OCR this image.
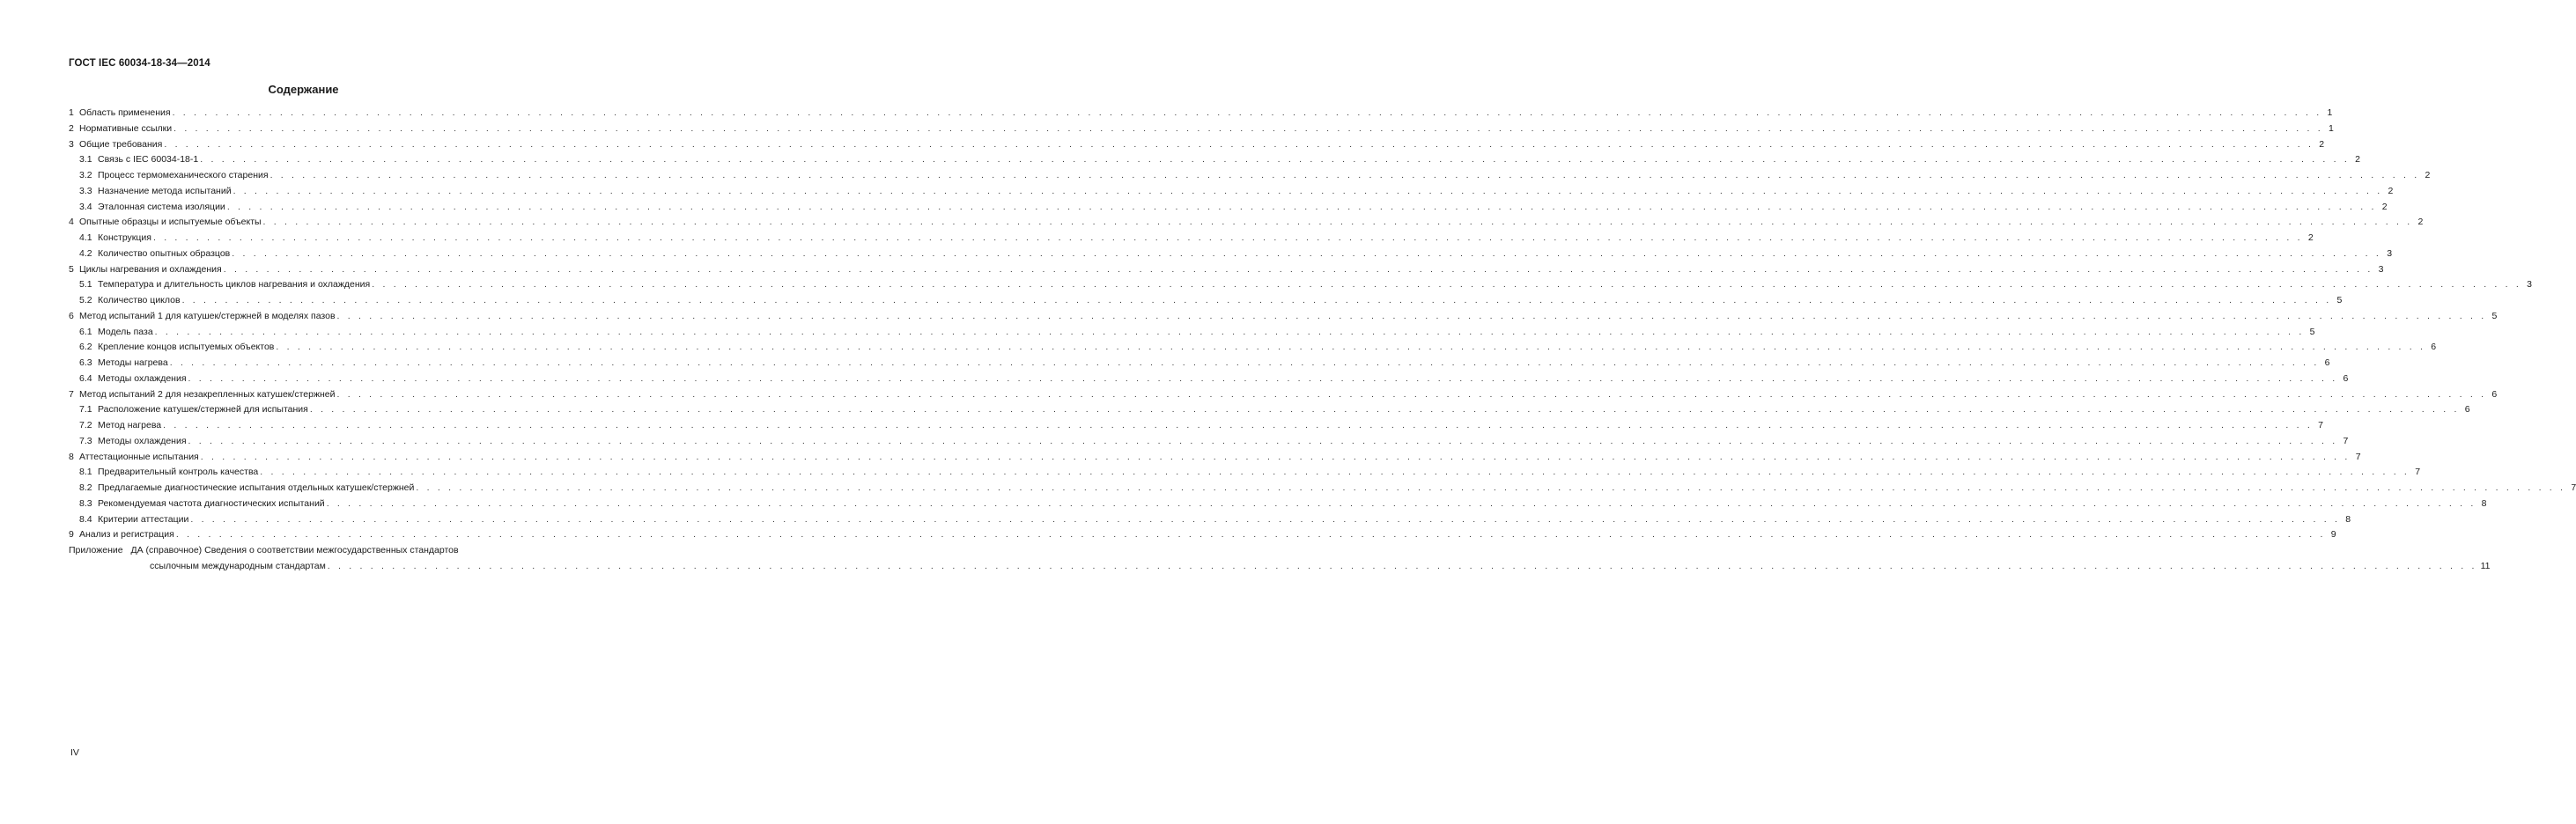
ГОСТ IEC 60034-18-34—2014
Содержание
1 Область применения . . . . . . . . . . . . . . . . . . . . . . . . . . . . . . . . . . . . . . . . . . . . . . . . . . . . . . . . . . . . . . . . . . . . . . . . . . . . . . . . . . . . . . . . . . . . . . . . . . . . . . . . . . . . . . . . . . . . . . . . . . . . . . . . . . . . . . . . . . . . . . . . . . . . . . . . . . . . . . . . . . . . . . . . . . . . . . . . . . . . . . . . . . . . . . . . . . . . . . . . 1
2 Нормативные ссылки . . . . . . . . . . . . . . . . . . . . . . . . . . . . . . . . . . . . . . . . . . . . . . . . . . . . . . . . . . . . . . . . . . . . . . . . . . . . . . . . . . . . . . . . . . . . . . . . . . . . . . . . . . . . . . . . . . . . . . . . . . . . . . . . . . . . . . . . . . . . . . . . . . . . . . . . . . . . . . . . . . . . . . . . . . . . . . . . . . . . . . . . . . . . . . . . . . . . . . . . 1
3 Общие требования . . . . . . . . . . . . . . . . . . . . . . . . . . . . . . . . . . . . . . . . . . . . . . . . . . . . . . . . . . . . . . . . . . . . . . . . . . . . . . . . . . . . . . . . . . . . . . . . . . . . . . . . . . . . . . . . . . . . . . . . . . . . . . . . . . . . . . . . . . . . . . . . . . . . . . . . . . . . . . . . . . . . . . . . . . . . . . . . . . . . . . . . . . . . . . . . . . . . . . . . 2
3.1 Связь с IEC 60034-18-1 . . . . . . . . . . . . . . . . . . . . . . . . . . . . . . . . . . . . . . . . . . . . . . . . . . . . . . . . . . . . . . . . . . . . . . . . . . . . . . . . . . . . . . . . . . . . . . . . . . . . . . . . . . . . . . . . . . . . . . . . . . . . . . . . . . . . . . . . . . . . . . . . . . . . . . . . . . . . . . . . . . . . . . . . . . . . . . . . . . . . . . . . . . . . . . . . . . . . . . . . 2
3.2 Процесс термомеханического старения . . . . . . . . . . . . . . . . . . . . . . . . . . . . . . . . . . . . . . . . . . . . . . . . . . . . . . . . . . . . . . . . . . . . . . . . . . . . . . . . . . . . . . . . . . . . . . . . . . . . . . . . . . . . . . . . . . . . . . . . . . . . . . . . . . . . . . . . . . . . . . . . . . . . . . . . . . . . . . . . . . . . . . . . . . . . . . . . . . . . . . . . . . . . . . . . . . . . . . . . 2
3.3 Назначение метода испытаний . . . . . . . . . . . . . . . . . . . . . . . . . . . . . . . . . . . . . . . . . . . . . . . . . . . . . . . . . . . . . . . . . . . . . . . . . . . . . . . . . . . . . . . . . . . . . . . . . . . . . . . . . . . . . . . . . . . . . . . . . . . . . . . . . . . . . . . . . . . . . . . . . . . . . . . . . . . . . . . . . . . . . . . . . . . . . . . . . . . . . . . . . . . . . . . . . . . . . . . . 2
3.4 Эталонная система изоляции . . . . . . . . . . . . . . . . . . . . . . . . . . . . . . . . . . . . . . . . . . . . . . . . . . . . . . . . . . . . . . . . . . . . . . . . . . . . . . . . . . . . . . . . . . . . . . . . . . . . . . . . . . . . . . . . . . . . . . . . . . . . . . . . . . . . . . . . . . . . . . . . . . . . . . . . . . . . . . . . . . . . . . . . . . . . . . . . . . . . . . . . . . . . . . . . . . . . . . . . 2
4 Опытные образцы и испытуемые объекты . . . . . . . . . . . . . . . . . . . . . . . . . . . . . . . . . . . . . . . . . . . . . . . . . . . . . . . . . . . . . . . . . . . . . . . . . . . . . . . . . . . . . . . . . . . . . . . . . . . . . . . . . . . . . . . . . . . . . . . . . . . . . . . . . . . . . . . . . . . . . . . . . . . . . . . . . . . . . . . . . . . . . . . . . . . . . . . . . . . . . . . . . . . . . . . . . . . . . . . . 2
4.1 Конструкция . . . . . . . . . . . . . . . . . . . . . . . . . . . . . . . . . . . . . . . . . . . . . . . . . . . . . . . . . . . . . . . . . . . . . . . . . . . . . . . . . . . . . . . . . . . . . . . . . . . . . . . . . . . . . . . . . . . . . . . . . . . . . . . . . . . . . . . . . . . . . . . . . . . . . . . . . . . . . . . . . . . . . . . . . . . . . . . . . . . . . . . . . . . . . . . . . . . . . . . . 2
4.2 Количество опытных образцов . . . . . . . . . . . . . . . . . . . . . . . . . . . . . . . . . . . . . . . . . . . . . . . . . . . . . . . . . . . . . . . . . . . . . . . . . . . . . . . . . . . . . . . . . . . . . . . . . . . . . . . . . . . . . . . . . . . . . . . . . . . . . . . . . . . . . . . . . . . . . . . . . . . . . . . . . . . . . . . . . . . . . . . . . . . . . . . . . . . . . . . . . . . . . . . . . . . . . . . . 3
5 Циклы нагревания и охлаждения . . . . . . . . . . . . . . . . . . . . . . . . . . . . . . . . . . . . . . . . . . . . . . . . . . . . . . . . . . . . . . . . . . . . . . . . . . . . . . . . . . . . . . . . . . . . . . . . . . . . . . . . . . . . . . . . . . . . . . . . . . . . . . . . . . . . . . . . . . . . . . . . . . . . . . . . . . . . . . . . . . . . . . . . . . . . . . . . . . . . . . . . . . . . . . . . . . . . . . . . 3
5.1 Температура и длительность циклов нагревания и охлаждения . . . . . . . . . . . . . . . . . . . . . . . . . . . . . . . . . . . . . . . . . . . . . . . . . . . . . . . . . . . . . . . . . . . . . . . . . . . . . . . . . . . . . . . . . . . . . . . . . . . . . . . . . . . . . . . . . . . . . . . . . . . . . . . . . . . . . . . . . . . . . . . . . . . . . . . . . . . . . . . . . . . . . . . . . . . . . . . . . . . . . . . . . . . . . . . . . . . . . . . . 3
5.2 Количество циклов . . . . . . . . . . . . . . . . . . . . . . . . . . . . . . . . . . . . . . . . . . . . . . . . . . . . . . . . . . . . . . . . . . . . . . . . . . . . . . . . . . . . . . . . . . . . . . . . . . . . . . . . . . . . . . . . . . . . . . . . . . . . . . . . . . . . . . . . . . . . . . . . . . . . . . . . . . . . . . . . . . . . . . . . . . . . . . . . . . . . . . . . . . . . . . . . . . . . . . . . 5
6 Метод испытаний 1 для катушек/стержней в моделях пазов . . . . . . . . . . . . . . . . . . . . . . . . . . . . . . . . . . . . . . . . . . . . . . . . . . . . . . . . . . . . . . . . . . . . . . . . . . . . . . . . . . . . . . . . . . . . . . . . . . . . . . . . . . . . . . . . . . . . . . . . . . . . . . . . . . . . . . . . . . . . . . . . . . . . . . . . . . . . . . . . . . . . . . . . . . . . . . . . . . . . . . . . . . . . . . . . . . . . . . . . 5
6.1 Модель паза . . . . . . . . . . . . . . . . . . . . . . . . . . . . . . . . . . . . . . . . . . . . . . . . . . . . . . . . . . . . . . . . . . . . . . . . . . . . . . . . . . . . . . . . . . . . . . . . . . . . . . . . . . . . . . . . . . . . . . . . . . . . . . . . . . . . . . . . . . . . . . . . . . . . . . . . . . . . . . . . . . . . . . . . . . . . . . . . . . . . . . . . . . . . . . . . . . . . . . . . 5
6.2 Крепление концов испытуемых объектов . . . . . . . . . . . . . . . . . . . . . . . . . . . . . . . . . . . . . . . . . . . . . . . . . . . . . . . . . . . . . . . . . . . . . . . . . . . . . . . . . . . . . . . . . . . . . . . . . . . . . . . . . . . . . . . . . . . . . . . . . . . . . . . . . . . . . . . . . . . . . . . . . . . . . . . . . . . . . . . . . . . . . . . . . . . . . . . . . . . . . . . . . . . . . . . . . . . . . . . . 6
6.3 Методы нагрева . . . . . . . . . . . . . . . . . . . . . . . . . . . . . . . . . . . . . . . . . . . . . . . . . . . . . . . . . . . . . . . . . . . . . . . . . . . . . . . . . . . . . . . . . . . . . . . . . . . . . . . . . . . . . . . . . . . . . . . . . . . . . . . . . . . . . . . . . . . . . . . . . . . . . . . . . . . . . . . . . . . . . . . . . . . . . . . . . . . . . . . . . . . . . . . . . . . . . . . . 6
6.4 Методы охлаждения . . . . . . . . . . . . . . . . . . . . . . . . . . . . . . . . . . . . . . . . . . . . . . . . . . . . . . . . . . . . . . . . . . . . . . . . . . . . . . . . . . . . . . . . . . . . . . . . . . . . . . . . . . . . . . . . . . . . . . . . . . . . . . . . . . . . . . . . . . . . . . . . . . . . . . . . . . . . . . . . . . . . . . . . . . . . . . . . . . . . . . . . . . . . . . . . . . . . . . . . 6
7 Метод испытаний 2 для незакрепленных катушек/стержней . . . . . . . . . . . . . . . . . . . . . . . . . . . . . . . . . . . . . . . . . . . . . . . . . . . . . . . . . . . . . . . . . . . . . . . . . . . . . . . . . . . . . . . . . . . . . . . . . . . . . . . . . . . . . . . . . . . . . . . . . . . . . . . . . . . . . . . . . . . . . . . . . . . . . . . . . . . . . . . . . . . . . . . . . . . . . . . . . . . . . . . . . . . . . . . . . . . . . . . . 6
7.1 Расположение катушек/стержней для испытания . . . . . . . . . . . . . . . . . . . . . . . . . . . . . . . . . . . . . . . . . . . . . . . . . . . . . . . . . . . . . . . . . . . . . . . . . . . . . . . . . . . . . . . . . . . . . . . . . . . . . . . . . . . . . . . . . . . . . . . . . . . . . . . . . . . . . . . . . . . . . . . . . . . . . . . . . . . . . . . . . . . . . . . . . . . . . . . . . . . . . . . . . . . . . . . . . . . . . . . . 6
7.2 Метод нагрева . . . . . . . . . . . . . . . . . . . . . . . . . . . . . . . . . . . . . . . . . . . . . . . . . . . . . . . . . . . . . . . . . . . . . . . . . . . . . . . . . . . . . . . . . . . . . . . . . . . . . . . . . . . . . . . . . . . . . . . . . . . . . . . . . . . . . . . . . . . . . . . . . . . . . . . . . . . . . . . . . . . . . . . . . . . . . . . . . . . . . . . . . . . . . . . . . . . . . . . . 7
7.3 Методы охлаждения . . . . . . . . . . . . . . . . . . . . . . . . . . . . . . . . . . . . . . . . . . . . . . . . . . . . . . . . . . . . . . . . . . . . . . . . . . . . . . . . . . . . . . . . . . . . . . . . . . . . . . . . . . . . . . . . . . . . . . . . . . . . . . . . . . . . . . . . . . . . . . . . . . . . . . . . . . . . . . . . . . . . . . . . . . . . . . . . . . . . . . . . . . . . . . . . . . . . . . . . 7
8 Аттестационные испытания . . . . . . . . . . . . . . . . . . . . . . . . . . . . . . . . . . . . . . . . . . . . . . . . . . . . . . . . . . . . . . . . . . . . . . . . . . . . . . . . . . . . . . . . . . . . . . . . . . . . . . . . . . . . . . . . . . . . . . . . . . . . . . . . . . . . . . . . . . . . . . . . . . . . . . . . . . . . . . . . . . . . . . . . . . . . . . . . . . . . . . . . . . . . . . . . . . . . . . . . 7
8.1 Предварительный контроль качества . . . . . . . . . . . . . . . . . . . . . . . . . . . . . . . . . . . . . . . . . . . . . . . . . . . . . . . . . . . . . . . . . . . . . . . . . . . . . . . . . . . . . . . . . . . . . . . . . . . . . . . . . . . . . . . . . . . . . . . . . . . . . . . . . . . . . . . . . . . . . . . . . . . . . . . . . . . . . . . . . . . . . . . . . . . . . . . . . . . . . . . . . . . . . . . . . . . . . . . . 7
8.2 Предлагаемые диагностические испытания отдельных катушек/стержней . . . . . . . . . . . . . . . . . . . . . . . . . . . . . . . . . . . . . . . . . . . . . . . . . . . . . . . . . . . . . . . . . . . . . . . . . . . . . . . . . . . . . . . . . . . . . . . . . . . . . . . . . . . . . . . . . . . . . . . . . . . . . . . . . . . . . . . . . . . . . . . . . . . . . . . . . . . . . . . . . . . . . . . . . . . . . . . . . . . . . . . . . . . . . . . . . . . . . . . . 7
8.3 Рекомендуемая частота диагностических испытаний . . . . . . . . . . . . . . . . . . . . . . . . . . . . . . . . . . . . . . . . . . . . . . . . . . . . . . . . . . . . . . . . . . . . . . . . . . . . . . . . . . . . . . . . . . . . . . . . . . . . . . . . . . . . . . . . . . . . . . . . . . . . . . . . . . . . . . . . . . . . . . . . . . . . . . . . . . . . . . . . . . . . . . . . . . . . . . . . . . . . . . . . . . . . . . . . . . . . . . . . 8
8.4 Критерии аттестации . . . . . . . . . . . . . . . . . . . . . . . . . . . . . . . . . . . . . . . . . . . . . . . . . . . . . . . . . . . . . . . . . . . . . . . . . . . . . . . . . . . . . . . . . . . . . . . . . . . . . . . . . . . . . . . . . . . . . . . . . . . . . . . . . . . . . . . . . . . . . . . . . . . . . . . . . . . . . . . . . . . . . . . . . . . . . . . . . . . . . . . . . . . . . . . . . . . . . . . . 8
9 Анализ и регистрация . . . . . . . . . . . . . . . . . . . . . . . . . . . . . . . . . . . . . . . . . . . . . . . . . . . . . . . . . . . . . . . . . . . . . . . . . . . . . . . . . . . . . . . . . . . . . . . . . . . . . . . . . . . . . . . . . . . . . . . . . . . . . . . . . . . . . . . . . . . . . . . . . . . . . . . . . . . . . . . . . . . . . . . . . . . . . . . . . . . . . . . . . . . . . . . . . . . . . . . . 9
Приложение ДА (справочное) Сведения о соответствии межгосударственных стандартов
ссылочным международным стандартам . . . . . . . . . . . . . . . . . . . . . . . . . . . . . . . . . . . . . . . . . . . . . . . . . . . . . . . . . . . . . . . . . . . . . . . . . . . . . . . . . . . . . . . . . . . . . . . . . . . . . . . . . . . . . . . . . . . . . . . . . . . . . . . . . . . . . . . . . . . . . . . . . . . . . . . . . . . . . . . . . . . . . . . . . . . . . . . . . . . . . . . . . . . . . . . . . . . . . . . . 11
IV
